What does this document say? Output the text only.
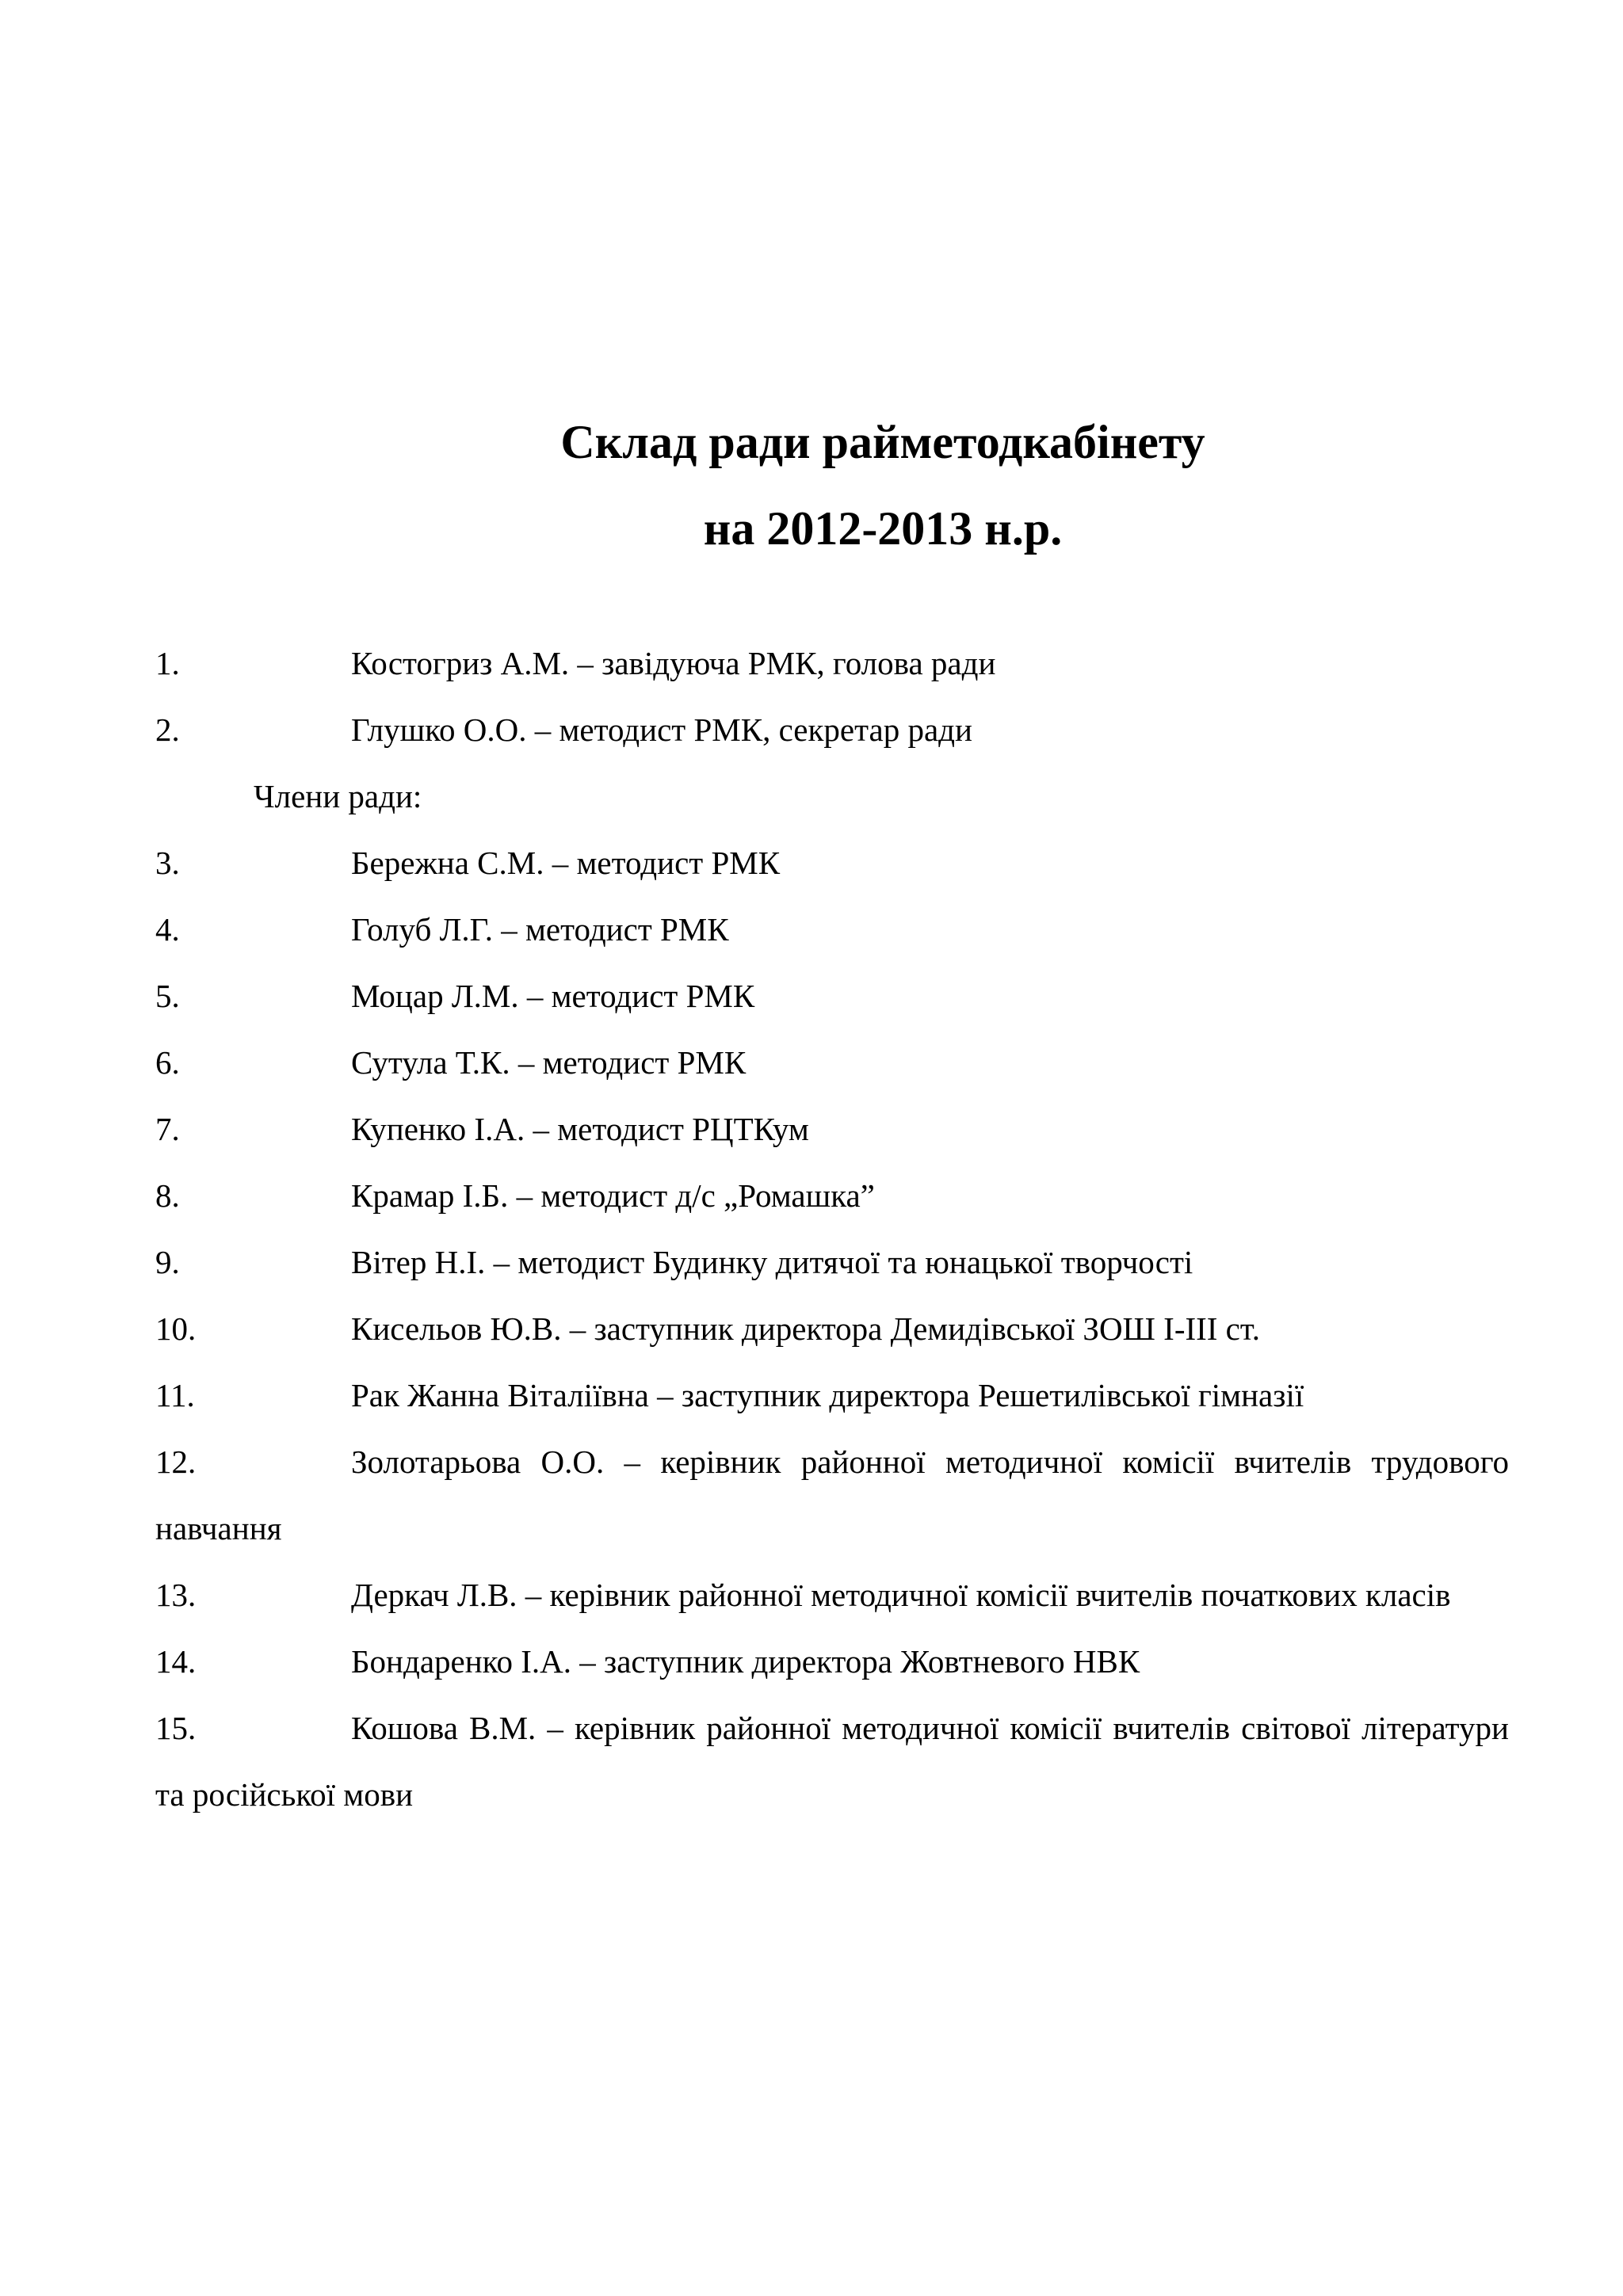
Склад ради райметодкабінету
на 2012-2013 н.р.
1.	Костогриз А.М. – завідуюча РМК, голова ради
2.	Глушко О.О. – методист РМК, секретар ради
Члени ради:
3.	Бережна С.М. – методист РМК
4.	Голуб Л.Г. – методист РМК
5.	Моцар Л.М. – методист РМК
6.	Сутула Т.К. – методист РМК
7.	Купенко І.А. – методист РЦТКум
8.	Крамар І.Б. – методист д/с „Ромашка”
9.	Вітер Н.І. – методист Будинку дитячої та юнацької творчості
10.	Кисельов Ю.В. – заступник директора Демидівської ЗОШ І-ІІІ ст.
11.	Рак Жанна Віталіївна – заступник директора Решетилівської гімназії
12.	Золотарьова О.О. – керівник районної методичної комісії вчителів трудового навчання
13.	Деркач Л.В. – керівник районної методичної комісії вчителів початкових класів
14.	Бондаренко І.А. – заступник директора Жовтневого НВК
15.	Кошова В.М. – керівник районної методичної комісії вчителів світової літератури та російської мови
